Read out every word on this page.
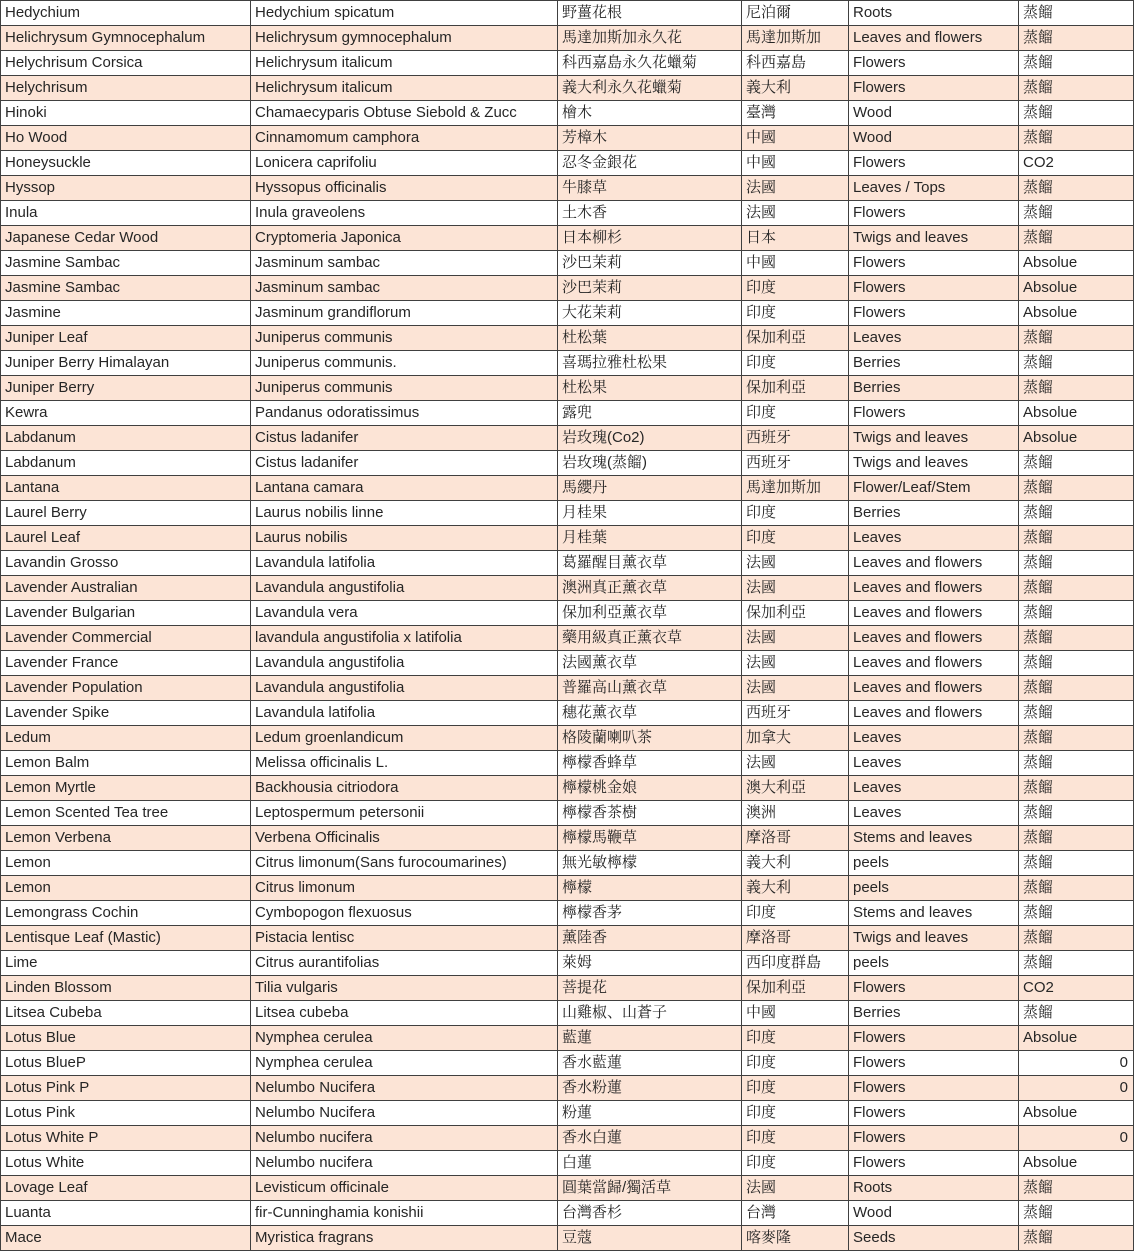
Hedychium	Hedychium spicatum	野薑花根	尼泊爾	Roots	蒸餾
Helichrysum Gymnocephalum	Helichrysum gymnocephalum	馬達加斯加永久花	馬達加斯加	Leaves and flowers	蒸餾
Helychrisum Corsica	Helichrysum italicum	科西嘉島永久花蠟菊	科西嘉島	Flowers	蒸餾
Helychrisum	Helichrysum italicum	義大利永久花蠟菊	義大利	Flowers	蒸餾
Hinoki	Chamaecyparis Obtuse Siebold & Zucc	檜木	臺灣	Wood	蒸餾
Ho Wood	Cinnamomum camphora	芳樟木	中國	Wood	蒸餾
Honeysuckle	Lonicera caprifoliu	忍冬金銀花	中國	Flowers	CO2
Hyssop	Hyssopus officinalis	牛膝草	法國	Leaves / Tops	蒸餾
Inula	Inula graveolens	土木香	法國	Flowers	蒸餾
Japanese Cedar Wood	Cryptomeria Japonica	日本柳杉	日本	Twigs and leaves	蒸餾
Jasmine Sambac	Jasminum sambac	沙巴茉莉	中國	Flowers	Absolue
Jasmine Sambac	Jasminum sambac	沙巴茉莉	印度	Flowers	Absolue
Jasmine	Jasminum grandiflorum	大花茉莉	印度	Flowers	Absolue
Juniper Leaf	Juniperus communis	杜松葉	保加利亞	Leaves	蒸餾
Juniper Berry Himalayan	Juniperus communis.	喜瑪拉雅杜松果	印度	Berries	蒸餾
Juniper Berry	Juniperus communis	杜松果	保加利亞	Berries	蒸餾
Kewra	Pandanus odoratissimus	露兜	印度	Flowers	Absolue
Labdanum	Cistus ladanifer	岩玫瑰(Co2)	西班牙	Twigs and leaves	Absolue
Labdanum	Cistus ladanifer	岩玫瑰(蒸餾)	西班牙	Twigs and leaves	蒸餾
Lantana	Lantana camara	馬纓丹	馬達加斯加	Flower/Leaf/Stem	蒸餾
Laurel Berry	Laurus nobilis linne	月桂果	印度	Berries	蒸餾
Laurel Leaf	Laurus nobilis	月桂葉	印度	Leaves	蒸餾
Lavandin Grosso	Lavandula latifolia	葛羅醒目薰衣草	法國	Leaves and flowers	蒸餾
Lavender Australian	Lavandula angustifolia	澳洲真正薰衣草	法國	Leaves and flowers	蒸餾
Lavender Bulgarian	Lavandula vera	保加利亞薰衣草	保加利亞	Leaves and flowers	蒸餾
Lavender Commercial	lavandula angustifolia x latifolia	藥用級真正薰衣草	法國	Leaves and flowers	蒸餾
Lavender France	Lavandula angustifolia	法國薰衣草	法國	Leaves and flowers	蒸餾
Lavender Population	Lavandula angustifolia	普羅高山薰衣草	法國	Leaves and flowers	蒸餾
Lavender Spike	Lavandula latifolia	穗花薰衣草	西班牙	Leaves and flowers	蒸餾
Ledum	Ledum groenlandicum	格陵蘭喇叭茶	加拿大	Leaves	蒸餾
Lemon Balm	Melissa officinalis L.	檸檬香蜂草	法國	Leaves	蒸餾
Lemon Myrtle	Backhousia citriodora	檸檬桃金娘	澳大利亞	Leaves	蒸餾
Lemon Scented Tea tree	Leptospermum petersonii	檸檬香茶樹	澳洲	Leaves	蒸餾
Lemon Verbena	Verbena Officinalis	檸檬馬鞭草	摩洛哥	Stems and leaves	蒸餾
Lemon	Citrus limonum(Sans furocoumarines)	無光敏檸檬	義大利	peels	蒸餾
Lemon	Citrus limonum	檸檬	義大利	peels	蒸餾
Lemongrass Cochin	Cymbopogon flexuosus	檸檬香茅	印度	Stems and leaves	蒸餾
Lentisque Leaf (Mastic)	Pistacia lentisc	薰陸香	摩洛哥	Twigs and leaves	蒸餾
Lime	Citrus aurantifolias	萊姆	西印度群島	peels	蒸餾
Linden Blossom	Tilia vulgaris	菩提花	保加利亞	Flowers	CO2
Litsea Cubeba	Litsea cubeba	山雞椒、山蒼子	中國	Berries	蒸餾
Lotus Blue	Nymphea cerulea	藍蓮	印度	Flowers	Absolue
Lotus BlueP	Nymphea cerulea	香水藍蓮	印度	Flowers	0
Lotus Pink P	Nelumbo Nucifera	香水粉蓮	印度	Flowers	0
Lotus Pink	Nelumbo Nucifera	粉蓮	印度	Flowers	Absolue
Lotus White P	Nelumbo nucifera	香水白蓮	印度	Flowers	0
Lotus White	Nelumbo nucifera	白蓮	印度	Flowers	Absolue
Lovage Leaf	Levisticum officinale	圓葉當歸/獨活草	法國	Roots	蒸餾
Luanta	fir-Cunninghamia konishii	台灣香杉	台灣	Wood	蒸餾
Mace	Myristica fragrans	豆蔻	喀麥隆	Seeds	蒸餾
